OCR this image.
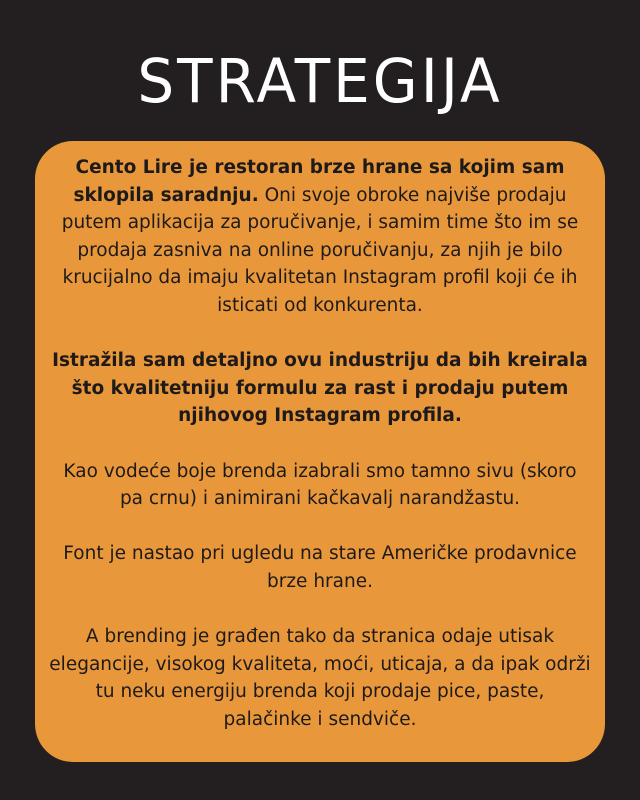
STRATEGIJA

Cento Lire je restoran brze hrane sa kojim sam sklopila saradnju. Oni svoje obroke najviše prodaju putem aplikacija za poručivanje, i samim time što im se prodaja zasniva na online poručivanju, za njih je bilo krucijalno da imaju kvalitetan Instagram profil koji će ih isticati od konkurenta.

Istražila sam detaljno ovu industriju da bih kreirala što kvalitetniju formulu za rast i prodaju putem njihovog Instagram profila.

Kao vodeće boje brenda izabrali smo tamno sivu (skoro pa crnu) i animirani kačkavalj narandžastu.

Font je nastao pri ugledu na stare Američke prodavnice brze hrane.

A brending je građen tako da stranica odaje utisak elegancije, visokog kvaliteta, moći, uticaja, a da ipak održi tu neku energiju brenda koji prodaje pice, paste, palačinke i sendviče.
